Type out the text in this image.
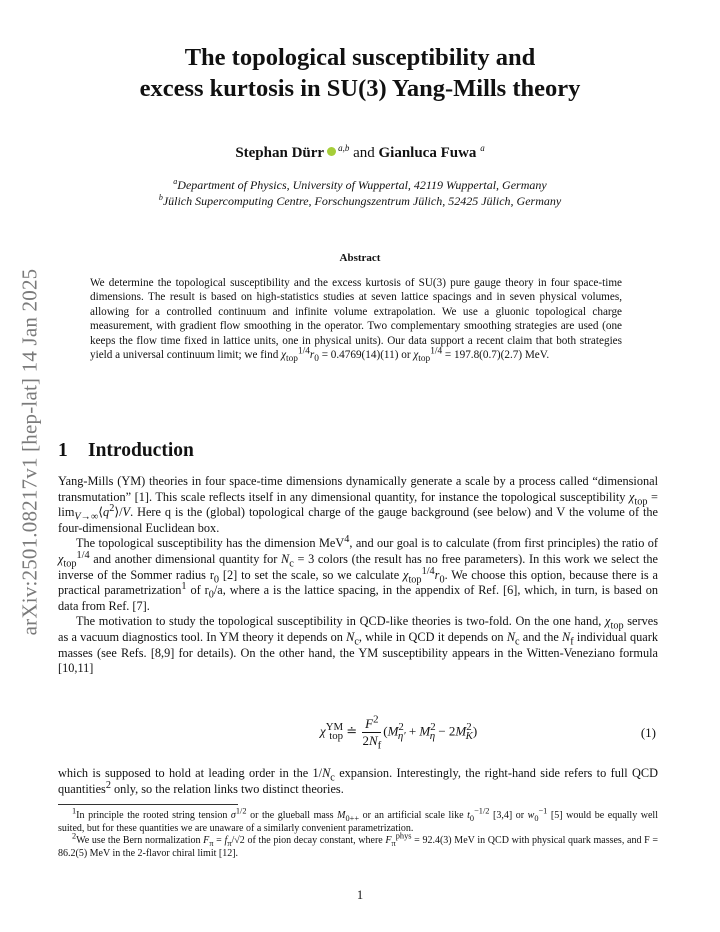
arXiv:2501.08217v1 [hep-lat] 14 Jan 2025
The topological susceptibility and
excess kurtosis in SU(3) Yang-Mills theory
Stephan Dürr $^{a,b}$ and Gianluca Fuwa $^a$
$^a$Department of Physics, University of Wuppertal, 42119 Wuppertal, Germany
$^b$Jülich Supercomputing Centre, Forschungszentrum Jülich, 52425 Jülich, Germany
Abstract
We determine the topological susceptibility and the excess kurtosis of SU(3) pure gauge theory in four space-time dimensions. The result is based on high-statistics studies at seven lattice spacings and in seven physical volumes, allowing for a controlled continuum and infinite volume extrapolation. We use a gluonic topological charge measurement, with gradient flow smoothing in the operator. Two complementary smoothing strategies are used (one keeps the flow time fixed in lattice units, one in physical units). Our data support a recent claim that both strategies yield a universal continuum limit; we find $\chi_{top}^{1/4}r_0 = 0.4769(14)(11)$ or $\chi_{top}^{1/4} = 197.8(0.7)(2.7)$ MeV.
1 Introduction

Yang-Mills (YM) theories in four space-time dimensions dynamically generate a scale by a process called “dimensional transmutation” [1]. This scale reflects itself in any dimensional quantity, for instance the topological susceptibility $\chi_{top}$ = $\lim_{V\to\infty}⟨q^2⟩/V$. Here q is the (global) topological charge of the gauge background (see below) and V the volume of the four-dimensional Euclidean box.

The topological susceptibility has the dimension MeV$^4$, and our goal is to calculate (from first principles) the ratio of $\chi_{top}^{1/4}$ and another dimensional quantity for $N_c = 3$ colors (the result has no free parameters). In this work we select the inverse of the Sommer radius $r_0$ [2] to set the scale, so we calculate $\chi_{top}^{1/4}r_0$. We choose this option, because there is a practical parametrization$^1$ of $r_0/a$, where a is the lattice spacing, in the appendix of Ref. [6], which, in turn, is based on data from Ref. [7].

The motivation to study the topological susceptibility in QCD-like theories is two-fold. On the one hand, $\chi_{top}$ serves as a vacuum diagnostics tool. In YM theory it depends on $N_c$, while in QCD it depends on $N_c$ and the $N_f$ individual quark masses (see Refs. [8,9] for details). On the other hand, the YM susceptibility appears in the Witten-Veneziano formula [10,11]

$\chi^{YM}_{top}$ ≐ $\frac{F^2}{2N_f} (M^2_{\eta'} + M^2_\eta - 2M^2_K)$	(1)
which is supposed to hold at leading order in the $1/N_c$ expansion. Interestingly, the right-hand side refers to full QCD quantities$^2$ only, so the relation links two distinct theories.

$^1$In principle the rooted string tension $\sigma^{1/2}$ or the glueball mass $M_{0++}$ or an artificial scale like $t_0^{-1/2}$ [3,4] or $w_0^{-1}$ [5] would be equally well suited, but for these quantities we are unaware of a similarly convenient parametrization.

$^2$We use the Bern normalization $F_\pi = f_\pi/√2$ of the pion decay constant, where $F_\pi^{phys} = 92.4(3)$ MeV in QCD with physical quark masses, and F = 86.2(5) MeV in the 2-flavor chiral limit [12].

1
